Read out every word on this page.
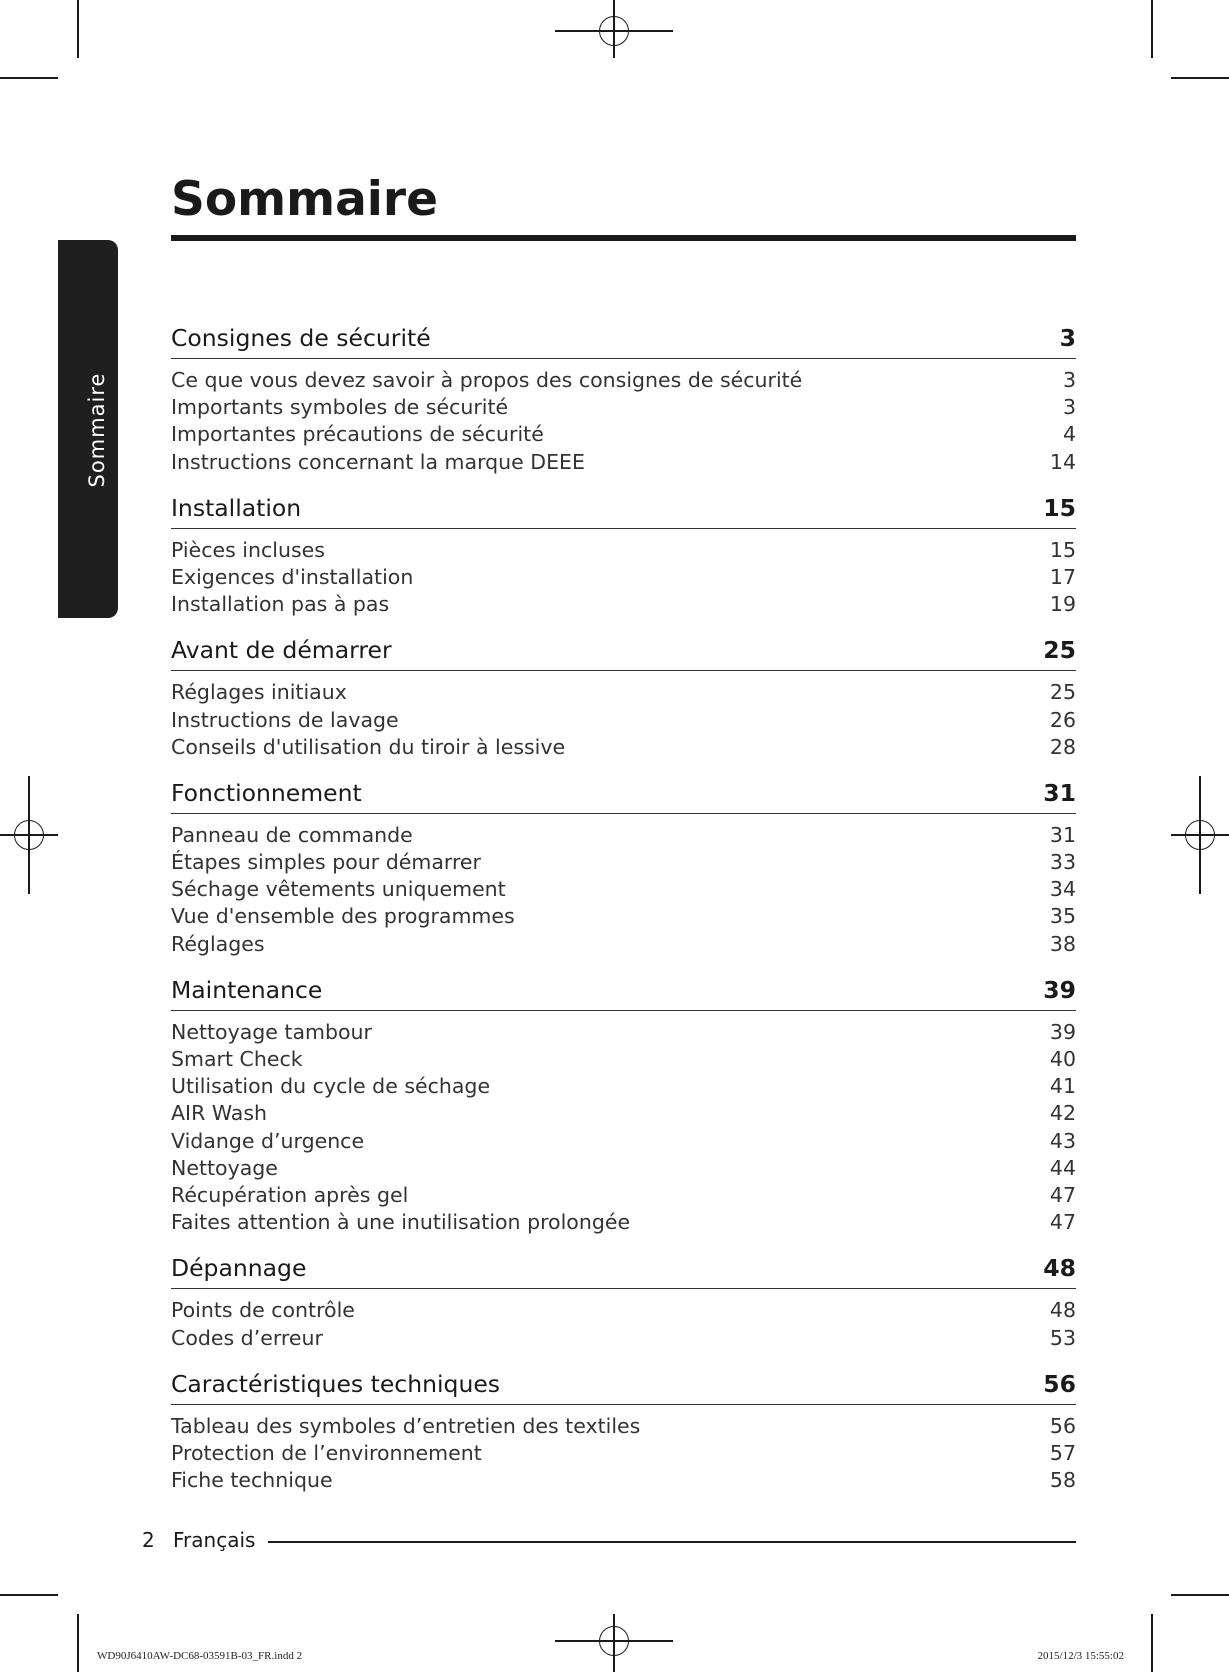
Sommaire
Sommaire
Consignes de sécurité	3
Ce que vous devez savoir à propos des consignes de sécurité	3
Importants symboles de sécurité	3
Importantes précautions de sécurité	4
Instructions concernant la marque DEEE	14
Installation	15
Pièces incluses	15
Exigences d'installation	17
Installation pas à pas	19
Avant de démarrer	25
Réglages initiaux	25
Instructions de lavage	26
Conseils d'utilisation du tiroir à lessive	28
Fonctionnement	31
Panneau de commande	31
Étapes simples pour démarrer	33
Séchage vêtements uniquement	34
Vue d'ensemble des programmes	35
Réglages	38
Maintenance	39
Nettoyage tambour	39
Smart Check	40
Utilisation du cycle de séchage	41
AIR Wash	42
Vidange d’urgence	43
Nettoyage	44
Récupération après gel	47
Faites attention à une inutilisation prolongée	47
Dépannage	48
Points de contrôle	48
Codes d’erreur	53
Caractéristiques techniques	56
Tableau des symboles d’entretien des textiles	56
Protection de l’environnement	57
Fiche technique	58
2 Français
WD90J6410AW-DC68-03591B-03_FR.indd 2	2015/12/3 15:55:02
